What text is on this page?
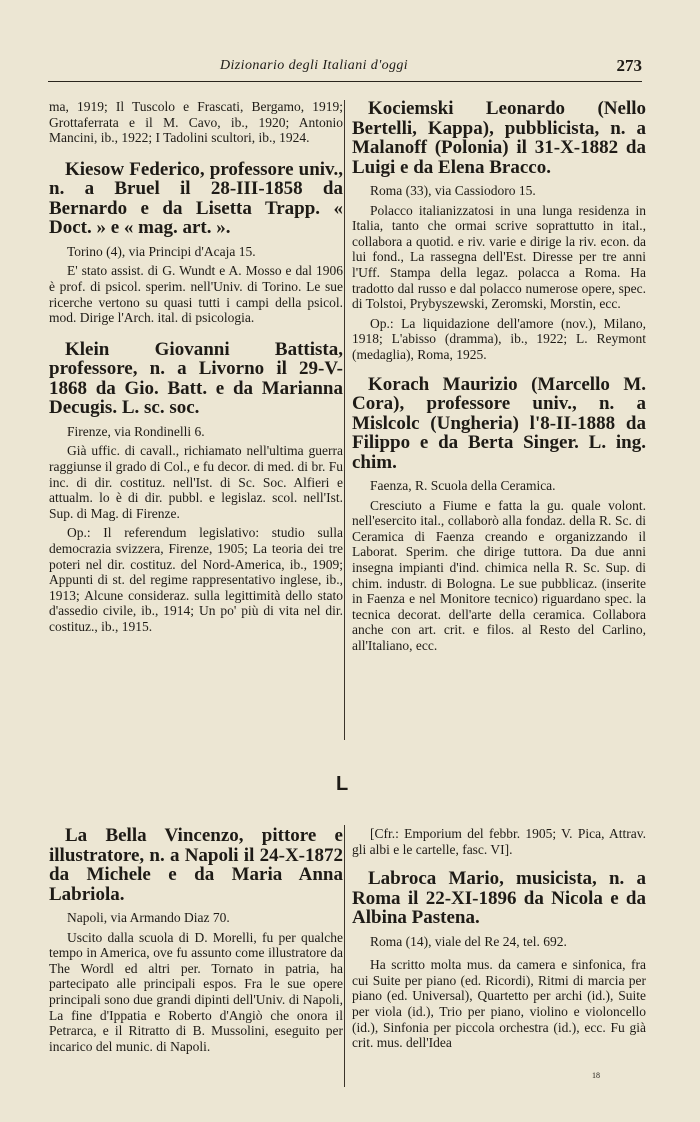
Dizionario degli Italiani d'oggi	273

ma, 1919; Il Tuscolo e Frascati, Bergamo, 1919; Grottaferrata e il M. Cavo, ib., 1920; Antonio Mancini, ib., 1922; I Tadolini scultori, ib., 1924.

Kiesow Federico, professore univ., n. a Bruel il 28-III-1858 da Bernardo e da Lisetta Trapp. « Doct. » e « mag. art. ».

Torino (4), via Principi d'Acaja 15.

E' stato assist. di G. Wundt e A. Mosso e dal 1906 è prof. di psicol. sperim. nell'Univ. di Torino. Le sue ricerche vertono su quasi tutti i campi della psicol. mod. Dirige l'Arch. ital. di psicologia.

Klein Giovanni Battista, professore, n. a Livorno il 29-V-1868 da Gio. Batt. e da Marianna Decugis. L. sc. soc.

Firenze, via Rondinelli 6.

Già uffic. di cavall., richiamato nell'ultima guerra raggiunse il grado di Col., e fu decor. di med. di br. Fu inc. di dir. costituz. nell'Ist. di Sc. Soc. Alfieri e attualm. lo è di dir. pubbl. e legislaz. scol. nell'Ist. Sup. di Mag. di Firenze.

Op.: Il referendum legislativo: studio sulla democrazia svizzera, Firenze, 1905; La teoria dei tre poteri nel dir. costituz. del Nord-America, ib., 1909; Appunti di st. del regime rappresentativo inglese, ib., 1913; Alcune consideraz. sulla legittimità dello stato d'assedio civile, ib., 1914; Un po' più di vita nel dir. costituz., ib., 1915.

Kociemski Leonardo (Nello Bertelli, Kappa), pubblicista, n. a Malanoff (Polonia) il 31-X-1882 da Luigi e da Elena Bracco.

Roma (33), via Cassiodoro 15.

Polacco italianizzatosi in una lunga residenza in Italia, tanto che ormai scrive soprattutto in ital., collabora a quotid. e riv. varie e dirige la riv. econ. da lui fond., La rassegna dell'Est. Diresse per tre anni l'Uff. Stampa della legaz. polacca a Roma. Ha tradotto dal russo e dal polacco numerose opere, spec. di Tolstoi, Prybyszewski, Zeromski, Morstin, ecc.

Op.: La liquidazione dell'amore (nov.), Milano, 1918; L'abisso (dramma), ib., 1922; L. Reymont (medaglia), Roma, 1925.

Korach Maurizio (Marcello M. Cora), professore univ., n. a Mislcolc (Ungheria) l'8-II-1888 da Filippo e da Berta Singer. L. ing. chim.

Faenza, R. Scuola della Ceramica.

Cresciuto a Fiume e fatta la gu. quale volont. nell'esercito ital., collaborò alla fondaz. della R. Sc. di Ceramica di Faenza creando e organizzando il Laborat. Sperim. che dirige tuttora. Da due anni insegna impianti d'ind. chimica nella R. Sc. Sup. di chim. industr. di Bologna. Le sue pubblicaz. (inserite in Faenza e nel Monitore tecnico) riguardano spec. la tecnica decorat. dell'arte della ceramica. Collabora anche con art. crit. e filos. al Resto del Carlino, all'Italiano, ecc.

L

La Bella Vincenzo, pittore e illustratore, n. a Napoli il 24-X-1872 da Michele e da Maria Anna Labriola.

Napoli, via Armando Diaz 70.

Uscito dalla scuola di D. Morelli, fu per qualche tempo in America, ove fu assunto come illustratore da The Wordl ed altri per. Tornato in patria, ha partecipato alle principali espos. Fra le sue opere principali sono due grandi dipinti dell'Univ. di Napoli, La fine d'Ippatia e Roberto d'Angiò che onora il Petrarca, e il Ritratto di B. Mussolini, eseguito per incarico del munic. di Napoli.

[Cfr.: Emporium del febbr. 1905; V. Pica, Attrav. gli albi e le cartelle, fasc. VI].

Labroca Mario, musicista, n. a Roma il 22-XI-1896 da Nicola e da Albina Pastena.

Roma (14), viale del Re 24, tel. 692.

Ha scritto molta mus. da camera e sinfonica, fra cui Suite per piano (ed. Ricordi), Ritmi di marcia per piano (ed. Universal), Quartetto per archi (id.), Suite per viola (id.), Trio per piano, violino e violoncello (id.), Sinfonia per piccola orchestra (id.), ecc. Fu già crit. mus. dell'Idea

18
